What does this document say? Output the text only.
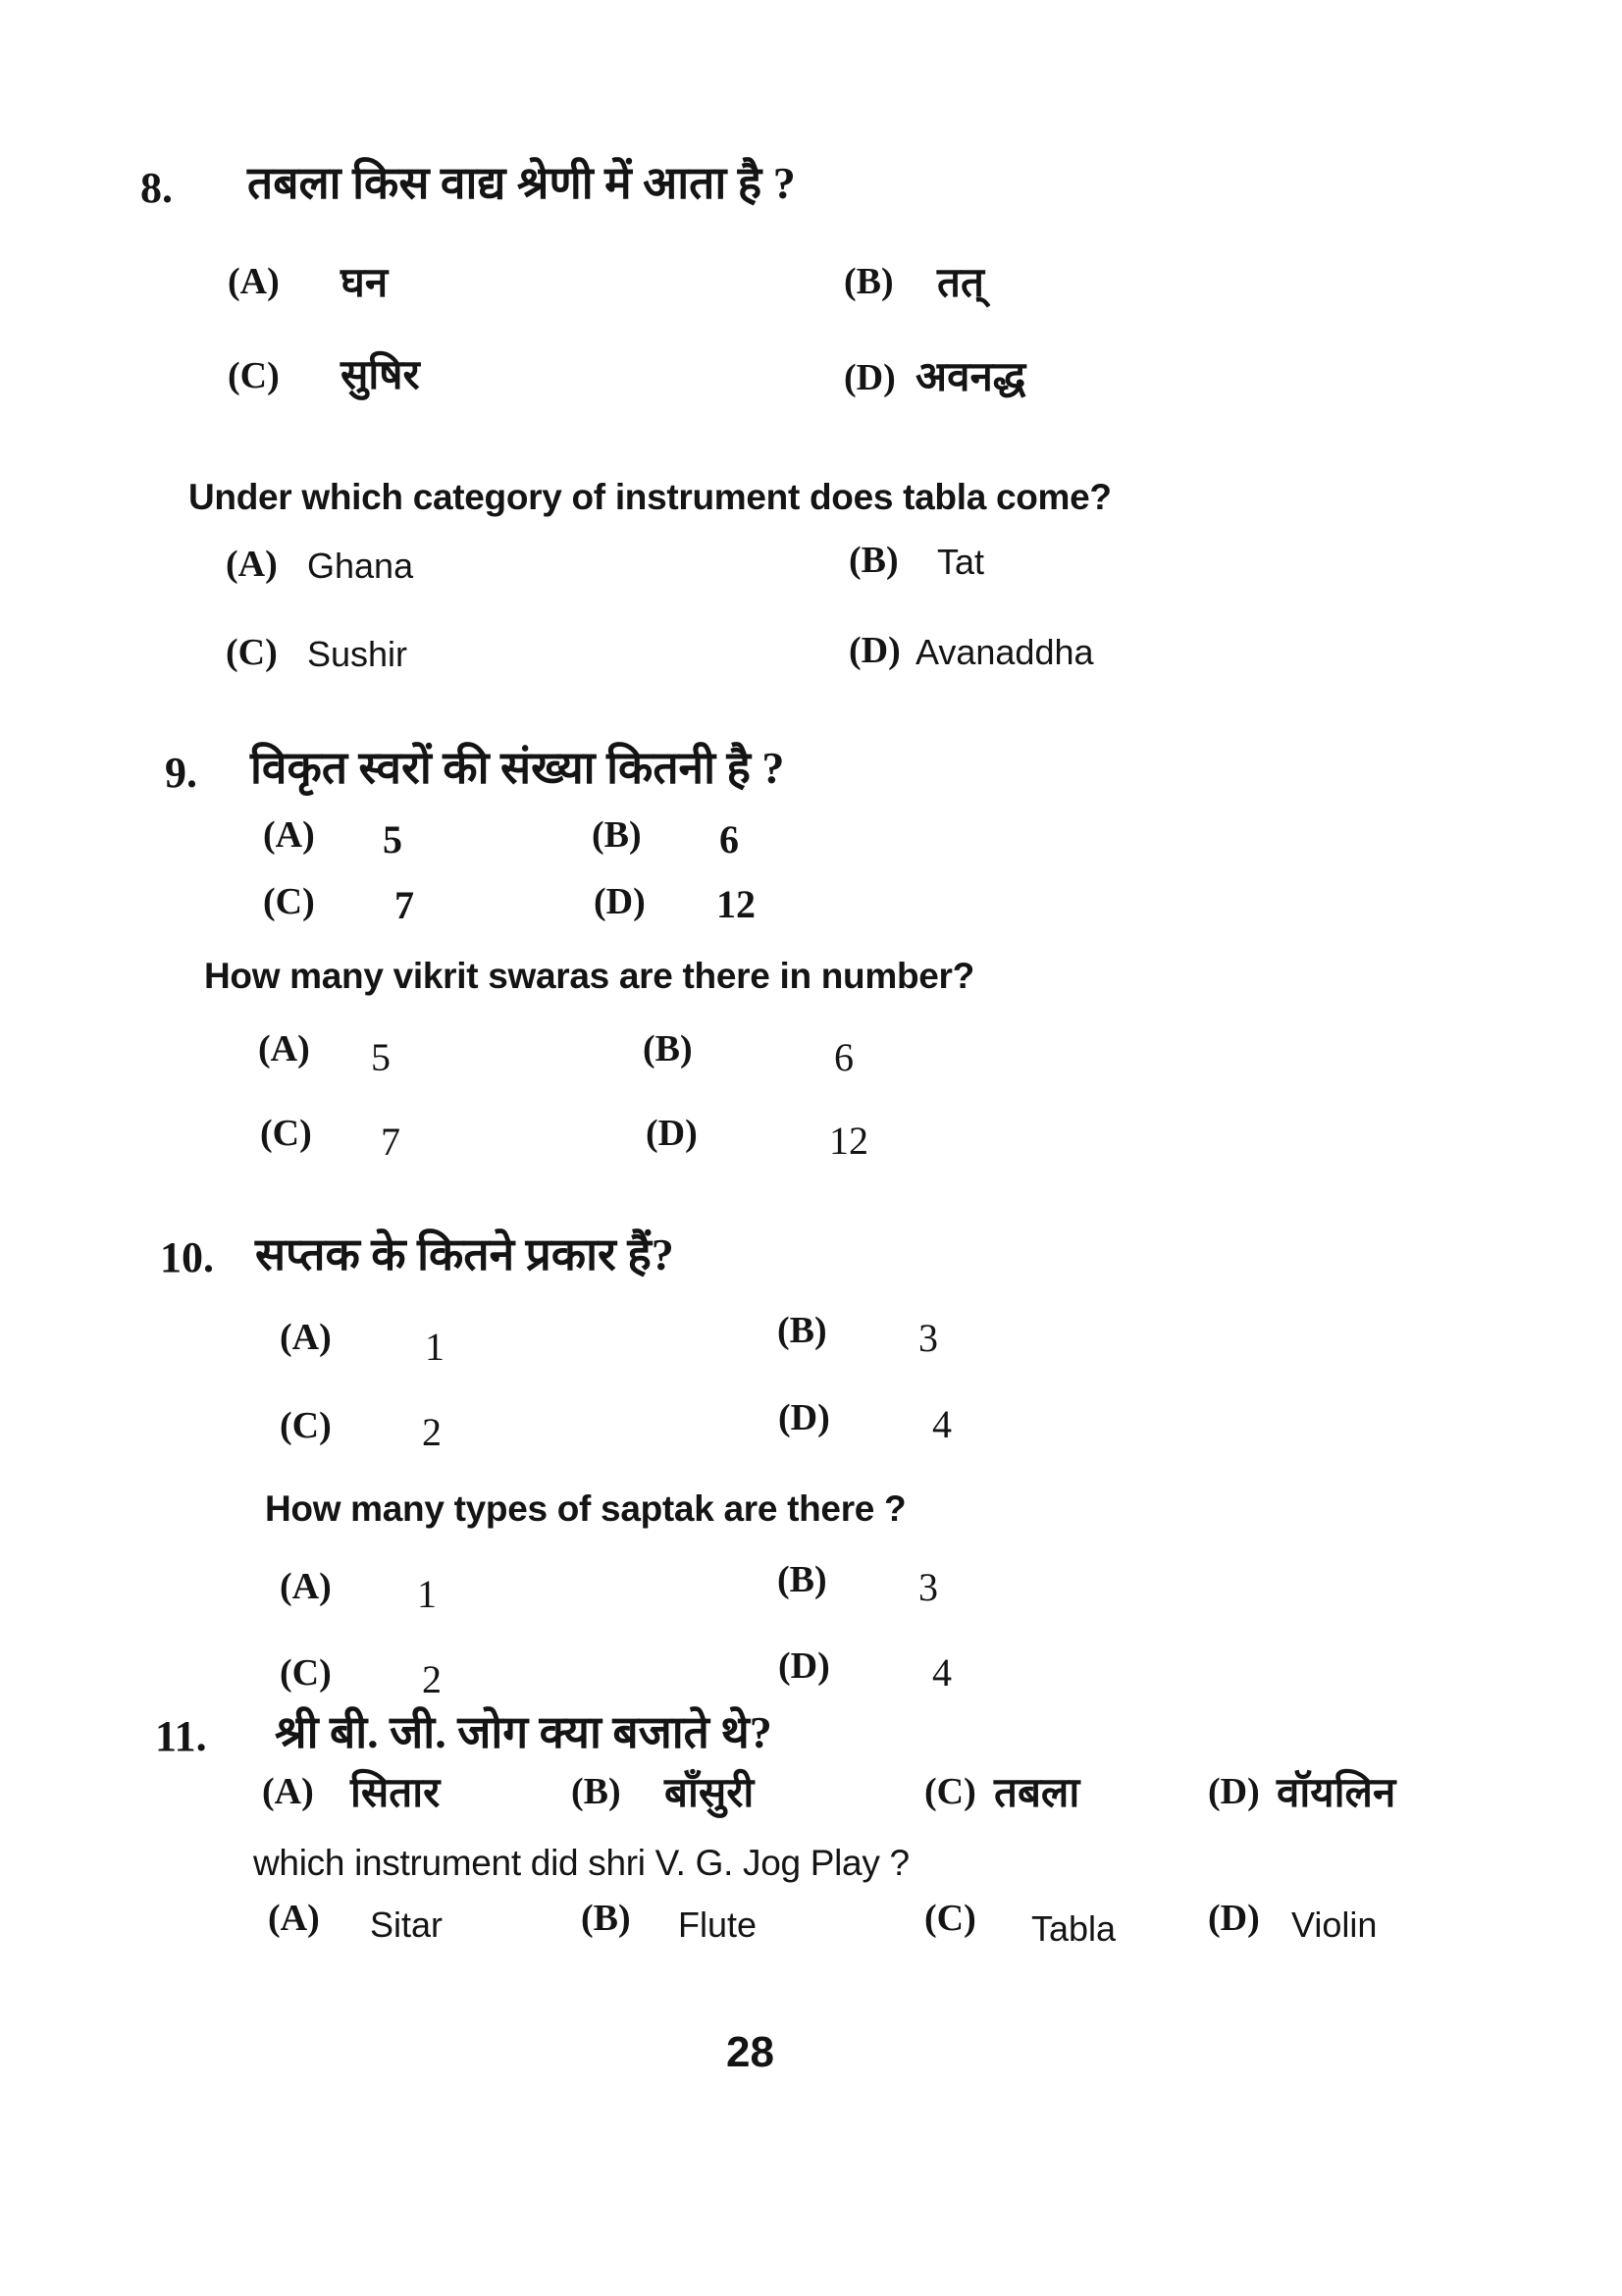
8. तबला किस वाद्य श्रेणी में आता है ?
(A) घन	(B) तत्
(C) सुषिर	(D) अवनद्ध
Under which category of instrument does tabla come?
(A) Ghana	(B) Tat
(C) Sushir	(D) Avanaddha
9. विकृत स्वरों की संख्या कितनी है ?
(A) 5	(B) 6
(C) 7	(D) 12
How many vikrit swaras are there in number?
(A) 5	(B)	6
(C) 7	(D)	12
10. सप्तक के कितने प्रकार हैं?
(A) 1	(B) 3
(C) 2	(D)	4
How many types of saptak are there ?
(A) 1	(B) 3
(C) 2	(D)	4
11. श्री बी. जी. जोग क्या बजाते थे?
(A) सितार	(B) बाँसुरी	(C) तबला	(D) वॉयलिन
which instrument did shri V. G. Jog Play ?
(A) Sitar	(B) Flute	(C) Tabla (D) Violin
28
